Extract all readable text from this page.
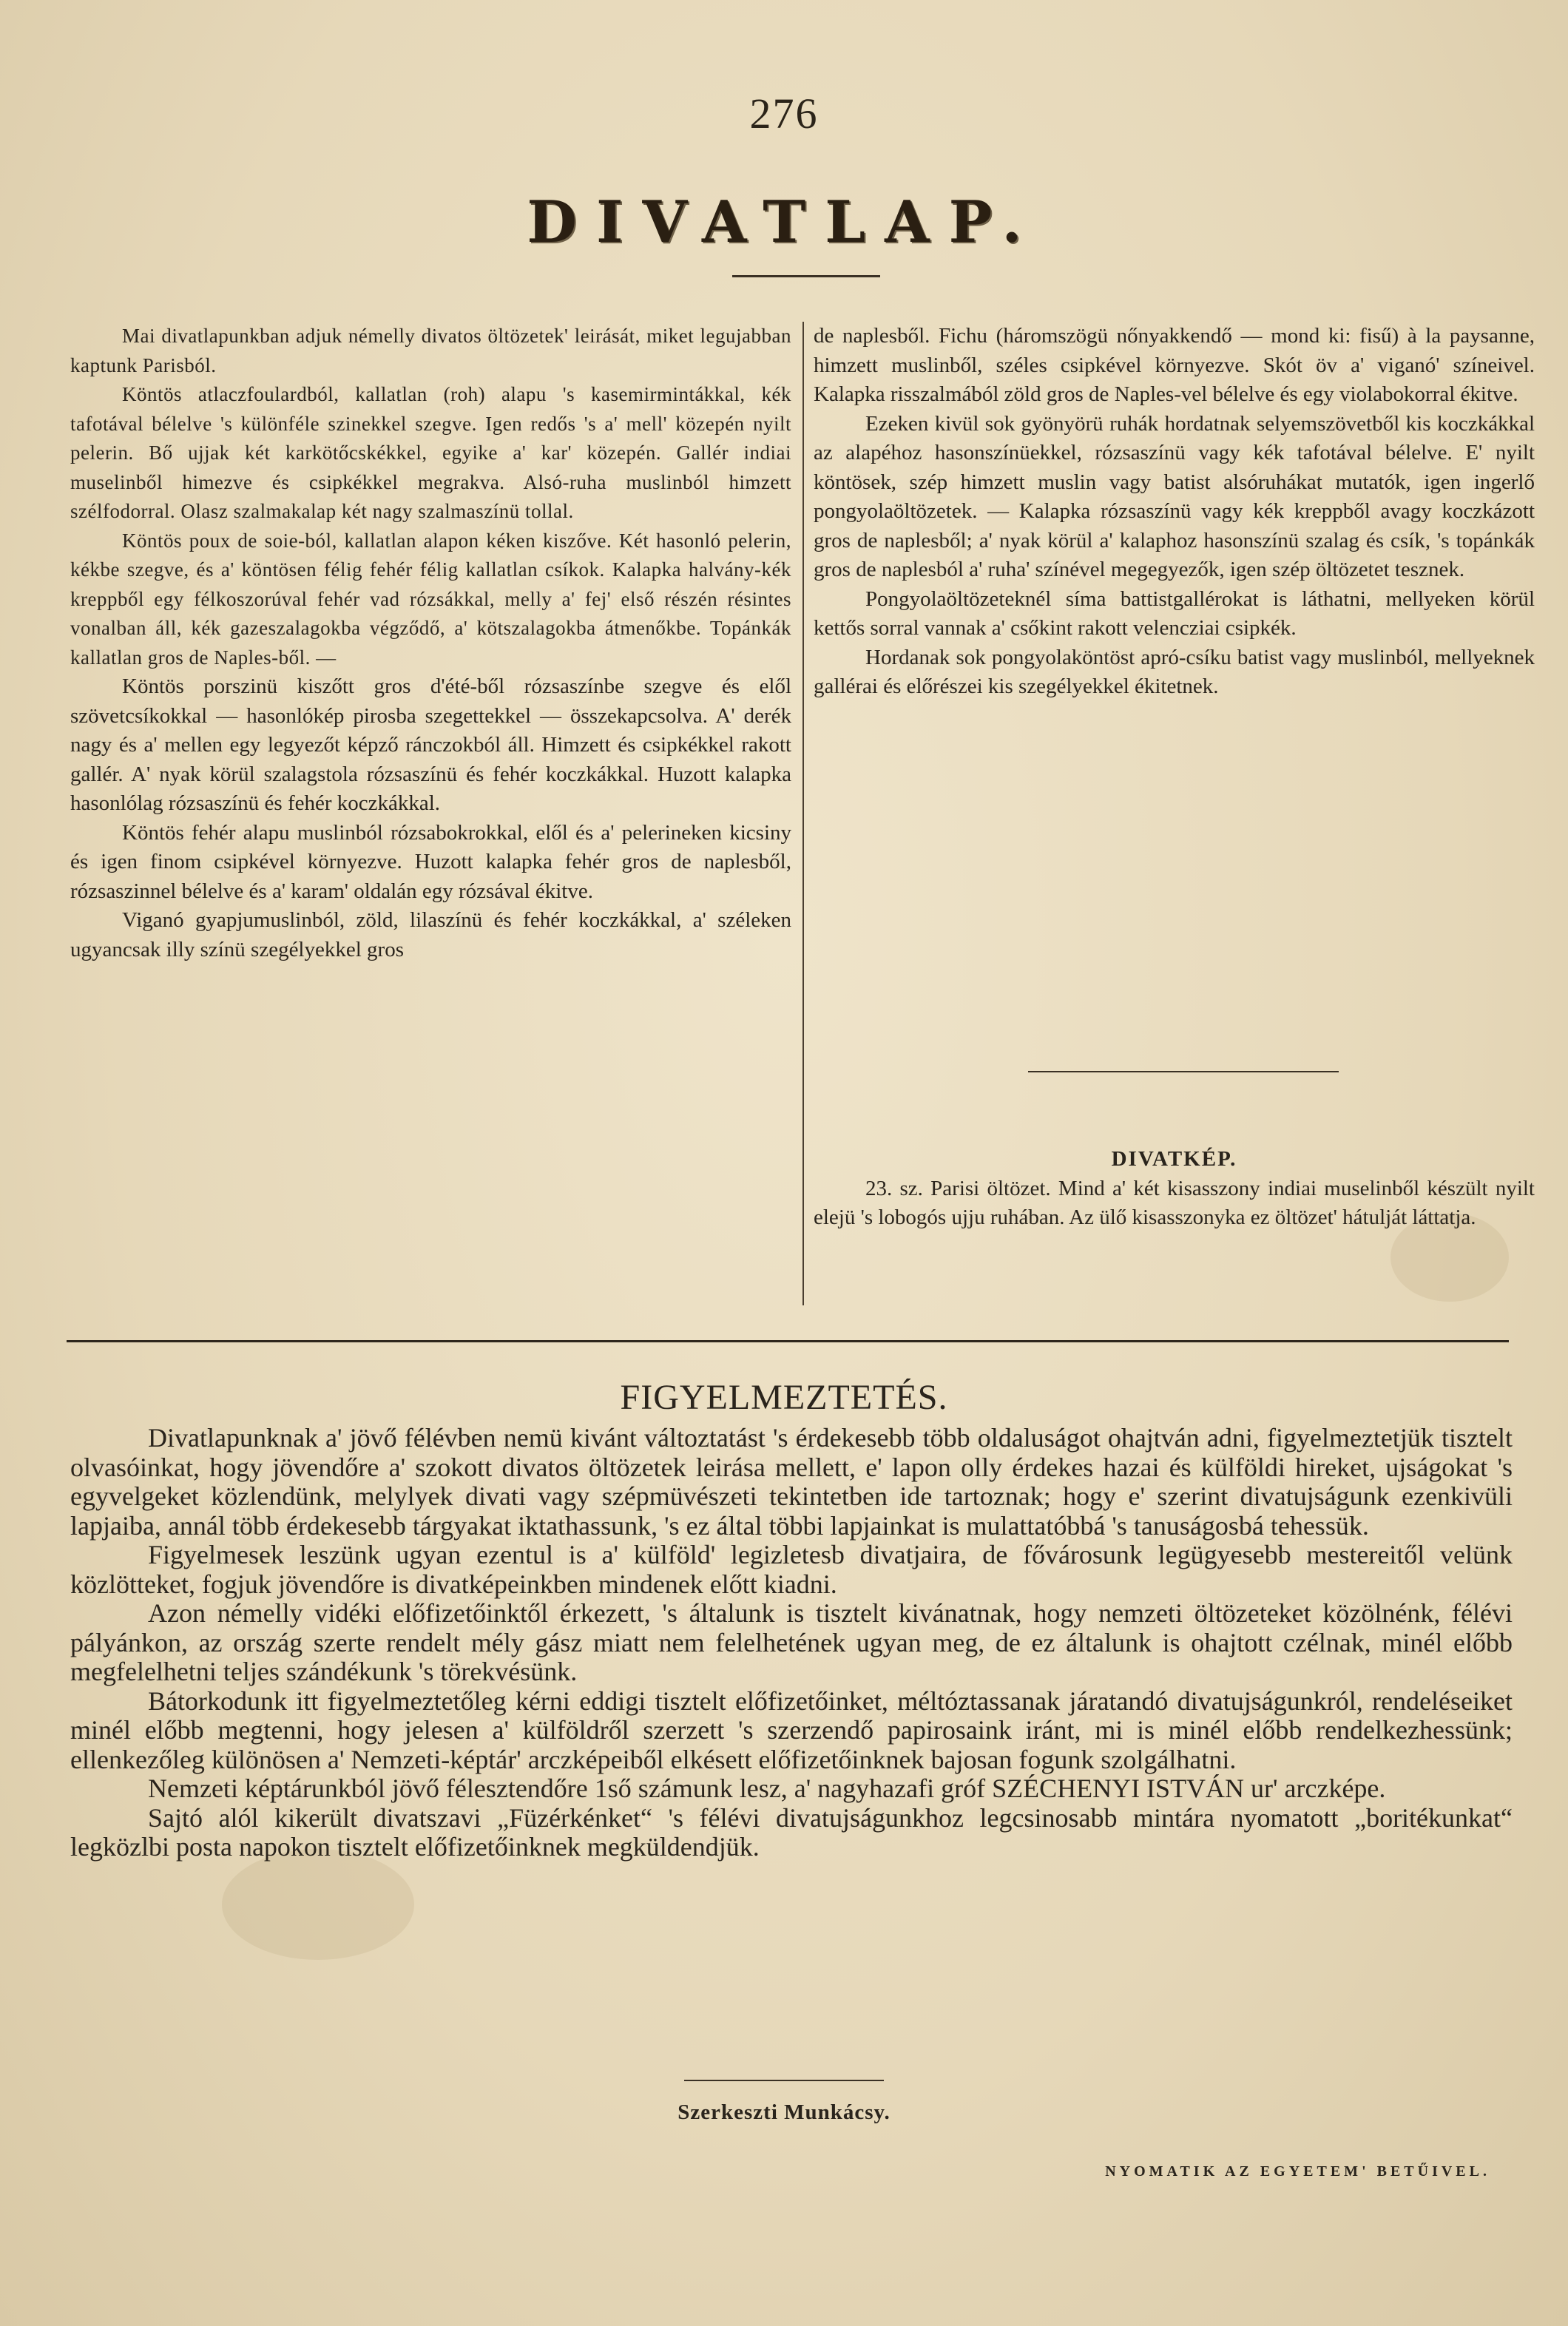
276
DIVATLAP.

Mai divatlapunkban adjuk némelly divatos öltözetek' leirását, miket legujabban kaptunk Parisból.

Köntös atlaczfoulardból, kallatlan (roh) alapu 's kasemirmintákkal, kék tafotával bélelve 's különféle szinekkel szegve. Igen redős 's a' mell' közepén nyilt pelerin. Bő ujjak két karkötőcskékkel, egyike a' kar' közepén. Gallér indiai muselinből himezve és csipkékkel megrakva. Alsó-ruha muslinból himzett szélfodorral. Olasz szalmakalap két nagy szalmaszínü tollal.

Köntös poux de soie-ból, kallatlan alapon kéken kiszőve. Két hasonló pelerin, kékbe szegve, és a' köntösen félig fehér félig kallatlan csíkok. Kalapka halvány-kék kreppből egy félkoszorúval fehér vad rózsákkal, melly a' fej' első részén résintes vonalban áll, kék gazeszalagokba végződő, a' kötszalagokba átmenőkbe. Topánkák kallatlan gros de Naples-ből. —

Köntös porszinü kiszőtt gros d'été-ből rózsaszínbe szegve és elől szövetcsíkokkal — hasonlókép pirosba szegettekkel — összekapcsolva. A' derék nagy és a' mellen egy legyezőt képző ránczokból áll. Himzett és csipkékkel rakott gallér. A' nyak körül szalagstola rózsaszínü és fehér koczkákkal. Huzott kalapka hasonlólag rózsaszínü és fehér koczkákkal.

Köntös fehér alapu muslinból rózsabokrokkal, elől és a' pelerineken kicsiny és igen finom csipkével környezve. Huzott kalapka fehér gros de naplesből, rózsaszinnel bélelve és a' karam' oldalán egy rózsával ékitve.

Viganó gyapjumuslinból, zöld, lilaszínü és fehér koczkákkal, a' széleken ugyancsak illy színü szegélyekkel gros

de naplesből. Fichu (háromszögü nőnyakkendő — mond ki: fisű) à la paysanne, himzett muslinből, széles csipkével környezve. Skót öv a' viganó' színeivel. Kalapka risszalmából zöld gros de Naples-vel bélelve és egy violabokorral ékitve.

Ezeken kivül sok gyönyörü ruhák hordatnak selyemszövetből kis koczkákkal az alapéhoz hasonszínüekkel, rózsaszínü vagy kék tafotával bélelve. E' nyilt köntösek, szép himzett muslin vagy batist alsóruhákat mutatók, igen ingerlő pongyolaöltözetek. — Kalapka rózsaszínü vagy kék kreppből avagy koczkázott gros de naplesből; a' nyak körül a' kalaphoz hasonszínü szalag és csík, 's topánkák gros de naplesból a' ruha' színével megegyezők, igen szép öltözetet tesznek.

Pongyolaöltözeteknél síma battistgallérokat is láthatni, mellyeken körül kettős sorral vannak a' csőkint rakott velencziai csipkék.

Hordanak sok pongyolaköntöst apró-csíku batist vagy muslinból, mellyeknek gallérai és előrészei kis szegélyekkel ékitetnek.

DIVATKÉP.

23. sz. Parisi öltözet. Mind a' két kisasszony indiai muselinből készült nyilt elejü 's lobogós ujju ruhában. Az ülő kisasszonyka ez öltözet' hátulját láttatja.

FIGYELMEZTETÉS.

Divatlapunknak a' jövő félévben nemü kivánt változtatást 's érdekesebb több oldaluságot ohajtván adni, figyelmeztetjük tisztelt olvasóinkat, hogy jövendőre a' szokott divatos öltözetek leirása mellett, e' lapon olly érdekes hazai és külföldi hireket, ujságokat 's egyvelgeket közlendünk, melylyek divati vagy szépmüvészeti tekintetben ide tartoznak; hogy e' szerint divatujságunk ezenkivüli lapjaiba, annál több érdekesebb tárgyakat iktathassunk, 's ez által többi lapjainkat is mulattatóbbá 's tanuságosbá tehessük.

Figyelmesek leszünk ugyan ezentul is a' külföld' legizletesb divatjaira, de fővárosunk legügyesebb mestereitől velünk közlötteket, fogjuk jövendőre is divatképeinkben mindenek előtt kiadni.

Azon némelly vidéki előfizetőinktől érkezett, 's általunk is tisztelt kivánatnak, hogy nemzeti öltözeteket közölnénk, félévi pályánkon, az ország szerte rendelt mély gász miatt nem felelhetének ugyan meg, de ez általunk is ohajtott czélnak, minél előbb megfelelhetni teljes szándékunk 's törekvésünk.

Bátorkodunk itt figyelmeztetőleg kérni eddigi tisztelt előfizetőinket, méltóztassanak járatandó divatujságunkról, rendeléseiket minél előbb megtenni, hogy jelesen a' külföldről szerzett 's szerzendő papirosaink iránt, mi is minél előbb rendelkezhessünk; ellenkezőleg különösen a' Nemzeti-képtár' arczképeiből elkésett előfizetőinknek bajosan fogunk szolgálhatni.

Nemzeti képtárunkból jövő félesztendőre 1ső számunk lesz, a' nagyhazafi gróf SZÉCHENYI ISTVÁN ur' arczképe.

Sajtó alól kikerült divatszavi „Füzérkénket“ 's félévi divatujságunkhoz legcsinosabb mintára nyomatott „boritékunkat“ legközlbi posta napokon tisztelt előfizetőinknek megküldendjük.

Szerkeszti Munkácsy.
NYOMATIK AZ EGYETEM' BETŰIVEL.
